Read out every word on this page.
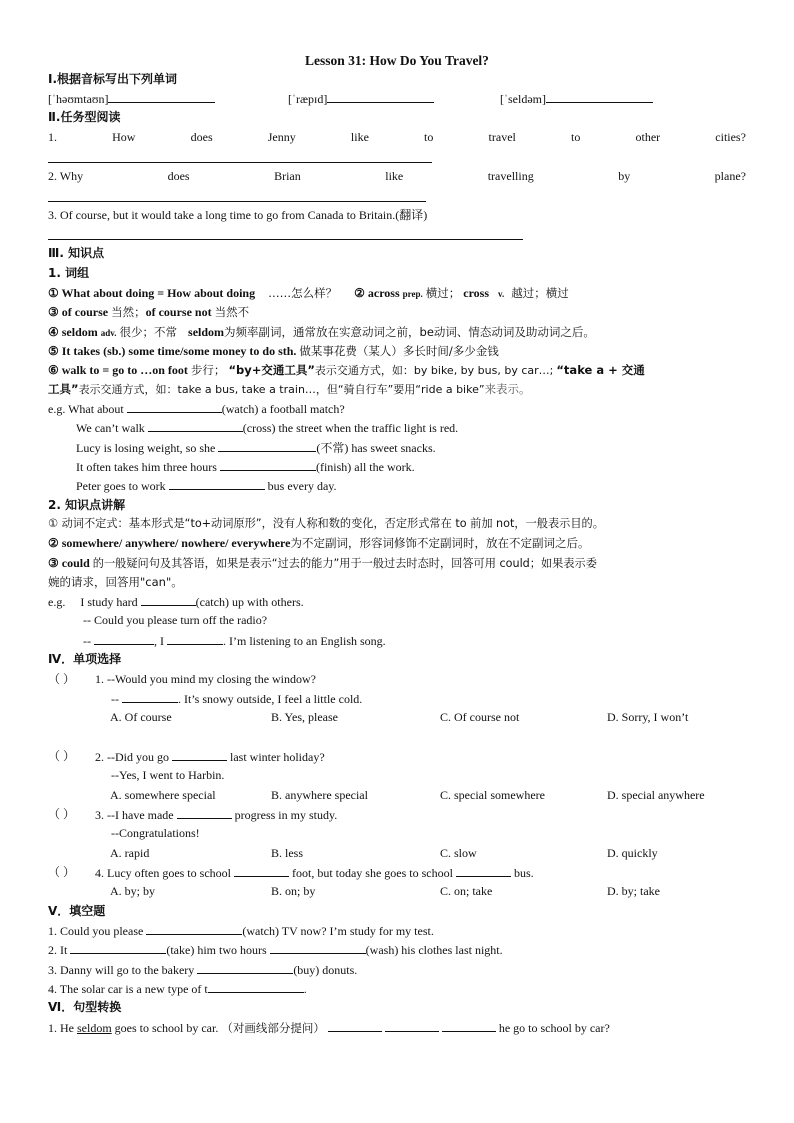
Lesson 31: How Do You Travel?
Ⅰ.根据音标写出下列单词
[ˈhəʊmtaʊn]	[ˈræpɪd]	[ˈseldəm]
Ⅱ.任务型阅读
1.	How	does	Jenny	like	to	travel	to	other	cities?
2. Why	does	Brian	like	travelling	by	plane?
3. Of course, but it would take a long time to go from Canada to Britain.(翻译)
Ⅲ. 知识点
1. 词组
① What about doing = How about doing ……怎么样？ ② across prep. 横过； cross v. 越过；横过
③ of course 当然；of course not 当然不
④ seldom adv. 很少；不常 seldom为频率副词，通常放在实意动词之前，be动词、情态动词及助动词之后。
⑤ It takes (sb.) some time/some money to do sth. 做某事花费（某人）多长时间/多少金钱
⑥ walk to = go to …on foot 步行； “by+交通工具”表示交通方式，如：by bike, by bus, by car…; “take a + 交通
工具”表示交通方式，如：take a bus, take a train…，但“骑自行车”要用“ride a bike”来表示。
e.g. What about	(watch) a football match?
We can’t walk	(cross) the street when the traffic light is red.
Lucy is losing weight, so she	(不常) has sweet snacks.
It often takes him three hours	(finish) all the work.
Peter goes to work	bus every day.
2. 知识点讲解
① 动词不定式：基本形式是“to+动词原形”，没有人称和数的变化，否定形式常在 to 前加 not，一般表示目的。
② somewhere/ anywhere/ nowhere/ everywhere为不定副词，形容词修饰不定副词时，放在不定副词之后。
③ could 的一般疑问句及其答语，如果是表示“过去的能力”用于一般过去时态时，回答可用 could；如果表示委
婉的请求，回答用"can"。
e.g.     I study hard	(catch) up with others.
-- Could you please turn off the radio?
--	, I	. I’m listening to an English song.
Ⅳ．单项选择
（ ） 1. --Would you mind my closing the window?
--	. It’s snowy outside, I feel a little cold.
A. Of course	B. Yes, please	C. Of course not	D. Sorry, I won’t
（ ） 2. --Did you go	last winter holiday?
--Yes, I went to Harbin.
A. somewhere special	B. anywhere special	C. special somewhere	D. special anywhere
（ ） 3. --I have made	progress in my study.
--Congratulations!
A. rapid	B. less	C. slow	D. quickly
（ ） 4. Lucy often goes to school	foot, but today she goes to school	bus.
A. by; by	B. on; by	C. on; take	D. by; take
Ⅴ．填空题
1. Could you please	(watch) TV now? I’m study for my test.
2. It	(take) him two hours	(wash) his clothes last night.
3. Danny will go to the bakery	(buy) donuts.
4. The solar car is a new type of t	.
Ⅵ．句型转换
1. He seldom goes to school by car. （对画线部分提问）	he go to school by car?
